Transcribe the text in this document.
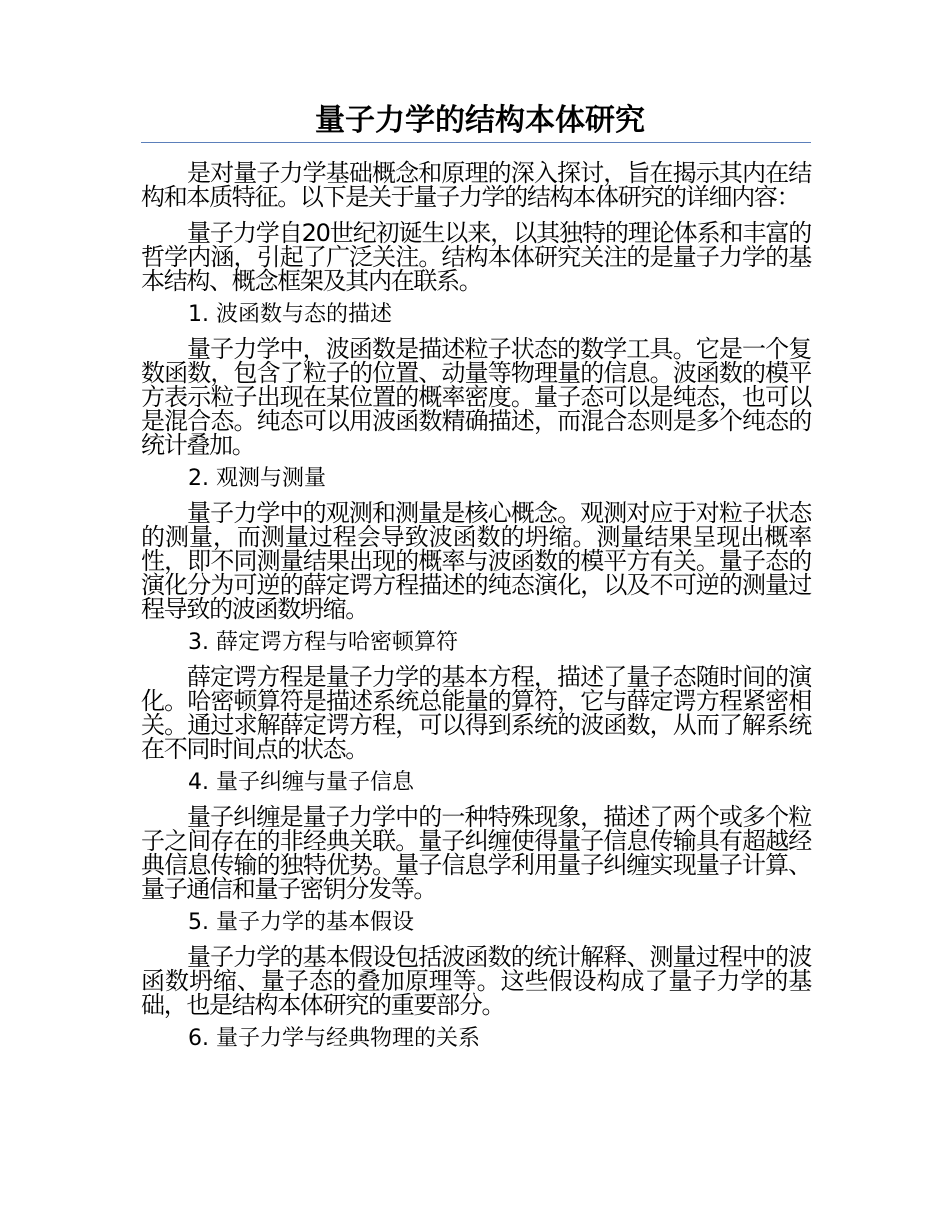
量子力学的结构本体研究

是对量子力学基础概念和原理的深入探讨，旨在揭示其内在结构和本质特征。以下是关于量子力学的结构本体研究的详细内容：

量子力学自20世纪初诞生以来，以其独特的理论体系和丰富的哲学内涵，引起了广泛关注。结构本体研究关注的是量子力学的基本结构、概念框架及其内在联系。

1. 波函数与态的描述

量子力学中，波函数是描述粒子状态的数学工具。它是一个复数函数，包含了粒子的位置、动量等物理量的信息。波函数的模平方表示粒子出现在某位置的概率密度。量子态可以是纯态，也可以是混合态。纯态可以用波函数精确描述，而混合态则是多个纯态的统计叠加。

2. 观测与测量

量子力学中的观测和测量是核心概念。观测对应于对粒子状态的测量，而测量过程会导致波函数的坍缩。测量结果呈现出概率性，即不同测量结果出现的概率与波函数的模平方有关。量子态的演化分为可逆的薛定谔方程描述的纯态演化，以及不可逆的测量过程导致的波函数坍缩。

3. 薛定谔方程与哈密顿算符

薛定谔方程是量子力学的基本方程，描述了量子态随时间的演化。哈密顿算符是描述系统总能量的算符，它与薛定谔方程紧密相关。通过求解薛定谔方程，可以得到系统的波函数，从而了解系统在不同时间点的状态。

4. 量子纠缠与量子信息

量子纠缠是量子力学中的一种特殊现象，描述了两个或多个粒子之间存在的非经典关联。量子纠缠使得量子信息传输具有超越经典信息传输的独特优势。量子信息学利用量子纠缠实现量子计算、量子通信和量子密钥分发等。

5. 量子力学的基本假设

量子力学的基本假设包括波函数的统计解释、测量过程中的波函数坍缩、量子态的叠加原理等。这些假设构成了量子力学的基础，也是结构本体研究的重要部分。

6. 量子力学与经典物理的关系
